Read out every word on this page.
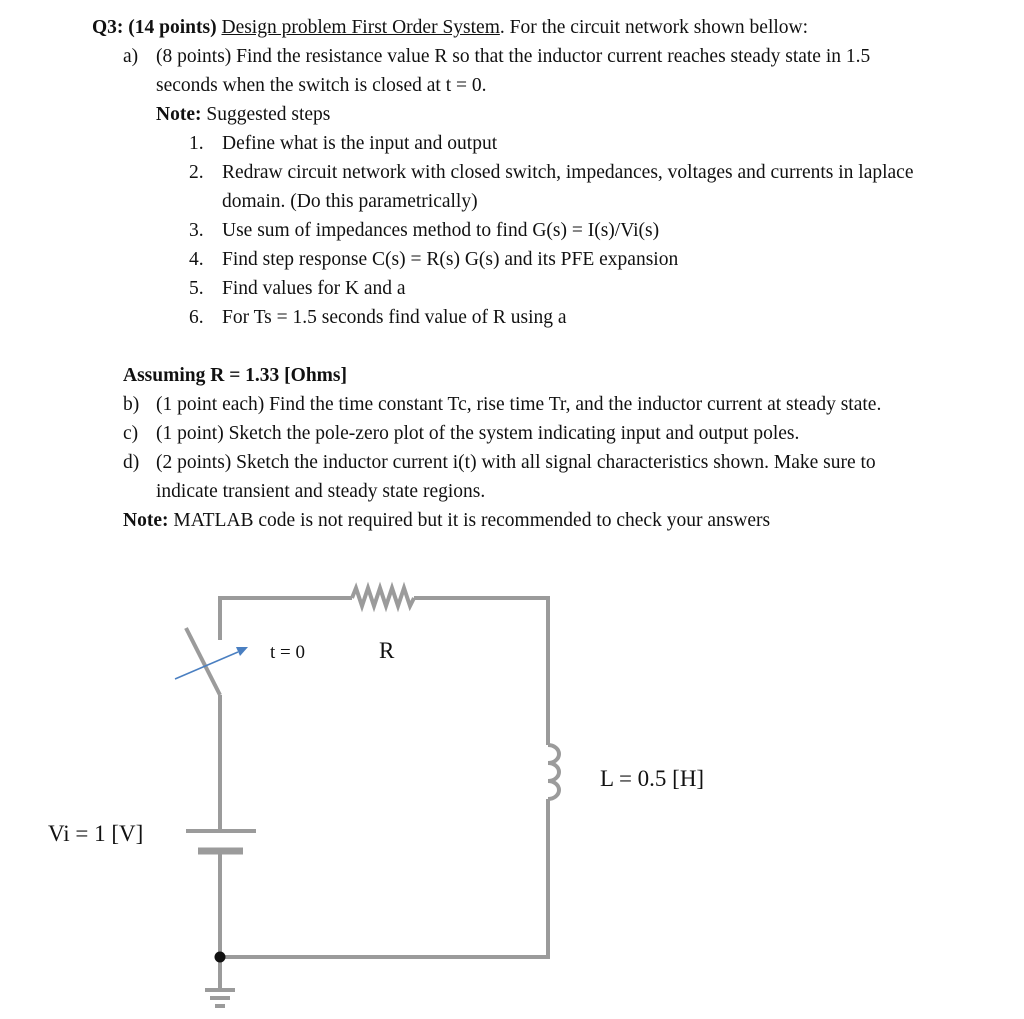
Q3: (14 points) Design problem First Order System. For the circuit network shown bellow:
a) (8 points) Find the resistance value R so that the inductor current reaches steady state in 1.5
seconds when the switch is closed at t = 0.
Note: Suggested steps
1. Define what is the input and output
2. Redraw circuit network with closed switch, impedances, voltages and currents in laplace
domain. (Do this parametrically)
3. Use sum of impedances method to find G(s) = I(s)/Vi(s)
4. Find step response C(s) = R(s) G(s) and its PFE expansion
5. Find values for K and a
6. For Ts = 1.5 seconds find value of R using a
Assuming R = 1.33 [Ohms]
b) (1 point each) Find the time constant Tc, rise time Tr, and the inductor current at steady state.
c) (1 point) Sketch the pole-zero plot of the system indicating input and output poles.
d) (2 points) Sketch the inductor current i(t) with all signal characteristics shown. Make sure to
indicate transient and steady state regions.
Note: MATLAB code is not required but it is recommended to check your answers
t = 0	R
L = 0.5 [H]
Vi = 1 [V]
